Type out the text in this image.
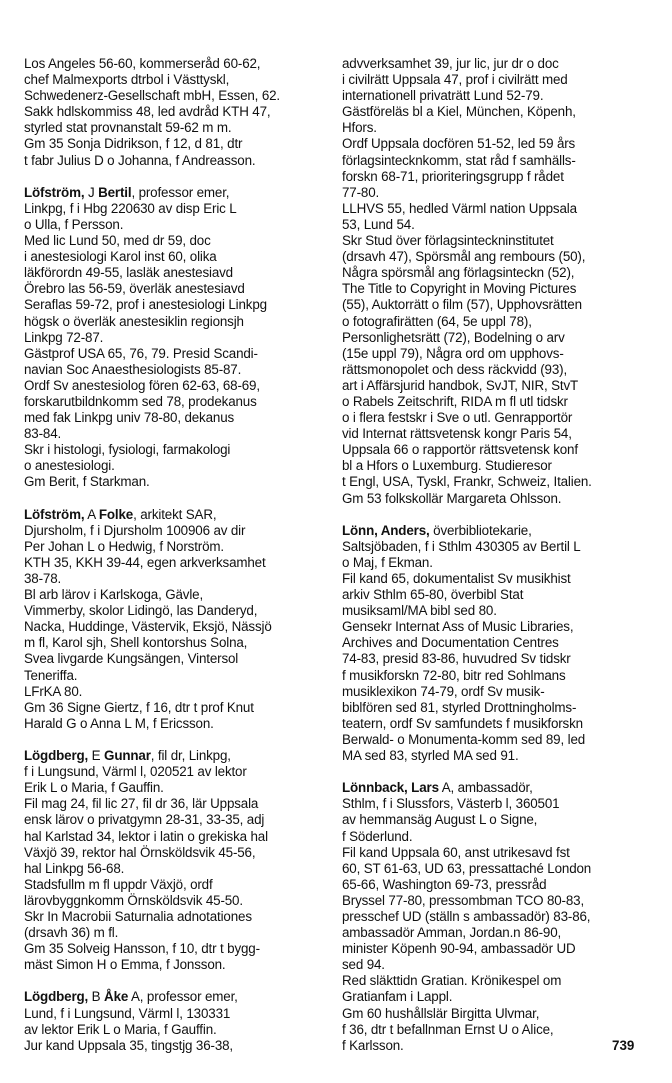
Los Angeles 56-60, kommerseråd 60-62,

chef Malmexports dtrbol i Västtyskl,

Schwedenerz-Gesellschaft mbH, Essen, 62.

Sakk hdlskommiss 48, led avdråd KTH 47,

styrled stat provnanstalt 59-62 m m.

Gm 35 Sonja Didrikson, f 12, d 81, dtr

t fabr Julius D o Johanna, f Andreasson.

Löfström, J Bertil, professor emer,

Linkpg, f i Hbg 220630 av disp Eric L

o Ulla, f Persson.

Med lic Lund 50, med dr 59, doc

i anestesiologi Karol inst 60, olika

läkförordn 49-55, lasläk anestesiavd

Örebro las 56-59, överläk anestesiavd

Seraflas 59-72, prof i anestesiologi Linkpg

högsk o överläk anestesiklin regionsjh

Linkpg 72-87.

Gästprof USA 65, 76, 79. Presid Scandi-

navian Soc Anaesthesiologists 85-87.

Ordf Sv anestesiolog fören 62-63, 68-69,

forskarutbildnkomm sed 78, prodekanus

med fak Linkpg univ 78-80, dekanus

83-84.

Skr i histologi, fysiologi, farmakologi

o anestesiologi.

Gm Berit, f Starkman.

Löfström, A Folke, arkitekt SAR,

Djursholm, f i Djursholm 100906 av dir

Per Johan L o Hedwig, f Norström.

KTH 35, KKH 39-44, egen arkverksamhet

38-78.

Bl arb lärov i Karlskoga, Gävle,

Vimmerby, skolor Lidingö, las Danderyd,

Nacka, Huddinge, Västervik, Eksjö, Nässjö

m fl, Karol sjh, Shell kontorshus Solna,

Svea livgarde Kungsängen, Vintersol

Teneriffa.

LFrKA 80.

Gm 36 Signe Giertz, f 16, dtr t prof Knut

Harald G o Anna L M, f Ericsson.

Lögdberg, E Gunnar, fil dr, Linkpg,

f i Lungsund, Värml l, 020521 av lektor

Erik L o Maria, f Gauffin.

Fil mag 24, fil lic 27, fil dr 36, lär Uppsala

ensk lärov o privatgymn 28-31, 33-35, adj

hal Karlstad 34, lektor i latin o grekiska hal

Växjö 39, rektor hal Örnsköldsvik 45-56,

hal Linkpg 56-68.

Stadsfullm m fl uppdr Växjö, ordf

lärovbyggnkomm Örnsköldsvik 45-50.

Skr In Macrobii Saturnalia adnotationes

(drsavh 36) m fl.

Gm 35 Solveig Hansson, f 10, dtr t bygg-

mäst Simon H o Emma, f Jonsson.

Lögdberg, B Åke A, professor emer,

Lund, f i Lungsund, Värml l, 130331

av lektor Erik L o Maria, f Gauffin.

Jur kand Uppsala 35, tingstjg 36-38,

advverksamhet 39, jur lic, jur dr o doc

i civilrätt Uppsala 47, prof i civilrätt med

internationell privaträtt Lund 52-79.

Gästföreläs bl a Kiel, München, Köpenh,

Hfors.

Ordf Uppsala docfören 51-52, led 59 års

förlagsintecknkomm, stat råd f samhälls-

forskn 68-71, prioriteringsgrupp f rådet

77-80.

LLHVS 55, hedled Värml nation Uppsala

53, Lund 54.

Skr Stud över förlagsinteckninstitutet

(drsavh 47), Spörsmål ang rembours (50),

Några spörsmål ang förlagsinteckn (52),

The Title to Copyright in Moving Pictures

(55), Auktorrätt o film (57), Upphovsrätten

o fotografirätten (64, 5e uppl 78),

Personlighetsrätt (72), Bodelning o arv

(15e uppl 79), Några ord om upphovs-

rättsmonopolet och dess räckvidd (93),

art i Affärsjurid handbok, SvJT, NIR, StvT

o Rabels Zeitschrift, RIDA m fl utl tidskr

o i flera festskr i Sve o utl. Genrapportör

vid Internat rättsvetensk kongr Paris 54,

Uppsala 66 o rapportör rättsvetensk konf

bl a Hfors o Luxemburg. Studieresor

t Engl, USA, Tyskl, Frankr, Schweiz, Italien.

Gm 53 folkskollär Margareta Ohlsson.

Lönn, Anders, överbibliotekarie,

Saltsjöbaden, f i Sthlm 430305 av Bertil L

o Maj, f Ekman.

Fil kand 65, dokumentalist Sv musikhist

arkiv Sthlm 65-80, överbibl Stat

musiksaml/MA bibl sed 80.

Gensekr Internat Ass of Music Libraries,

Archives and Documentation Centres

74-83, presid 83-86, huvudred Sv tidskr

f musikforskn 72-80, bitr red Sohlmans

musiklexikon 74-79, ordf Sv musik-

biblfören sed 81, styrled Drottningholms-

teatern, ordf Sv samfundets f musikforskn

Berwald- o Monumenta-komm sed 89, led

MA sed 83, styrled MA sed 91.

Lönnback, Lars A, ambassadör,

Sthlm, f i Slussfors, Västerb l, 360501

av hemmansäg August L o Signe,

f Söderlund.

Fil kand Uppsala 60, anst utrikesavd fst

60, ST 61-63, UD 63, pressattaché London

65-66, Washington 69-73, pressråd

Bryssel 77-80, pressombman TCO 80-83,

presschef UD (ställn s ambassadör) 83-86,

ambassadör Amman, Jordan.n 86-90,

minister Köpenh 90-94, ambassadör UD

sed 94.

Red släkttidn Gratian. Krönikespel om

Gratianfam i Lappl.

Gm 60 hushållslär Birgitta Ulvmar,

f 36, dtr t befallnman Ernst U o Alice,

f Karlsson.	739
